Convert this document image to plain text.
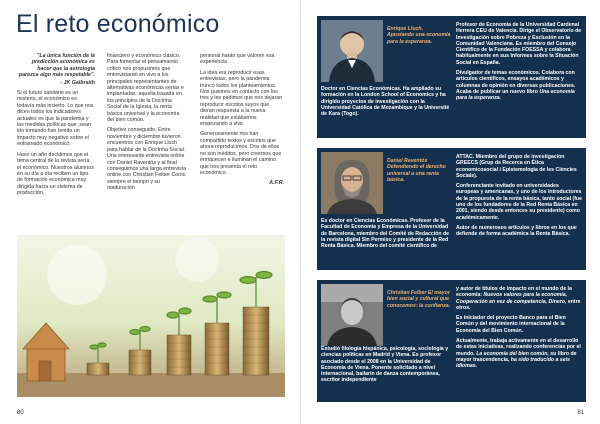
El reto económico

"La única función de la predicción económica es hacer que la astrología parezca algo más respetable".

- JK Galbraith

Si el futuro sanitario es un misterio, el económico es todavía más incierto. Lo que nos dicen todos los indicadores actuales es que la pandemia y las medidas políticas que ,sean ido tomando han tenido un impacto muy negativo sobre el entramado económico.

Hace un año decidimos que el tema central de la revista sería el económico. Nuestros alumnos en su día a día reciben un tipo de formación económica muy dirigida hacia un sistema de producción,

financiero y económico clásico. Para fomentar el pensamiento crítico nos propusimos que entrevistaran en vivo a los principales representantes de alternativas económicas serias e implantadas: aquella basada en los principios de la Doctrina Social de la Iglesia, la renta básica universal y la economía del bien común.

Objetivo conseguido. Entre noviembre y diciembre tuvieron encuentros con Enrique Lluch para hablar de la Doctrina Social. Una interesante entrevista online con Daniel Raventós y al final conseguimos una larga entrevista online con Christian Felber Como siempre el tiempo y su maduración

personal harán que valoren esa experiencia.

La idea era reproducir esas entrevistas, pero la pandemia truncó todos los planteamientos. Nos pusimos en contacto con los tres y les pedimos que nos dejaran reproducir escritos suyos que dieran respuesta a la nueva realidad que estábamos empezando a vivir.

Generosamente nos han compartido textos y escritos que ahora reproducimos. Dos de ellos no son inéditos, pero creemos que enriquecen e iluminan el camino que nos presenta el reto económico.

A.F.R.

80
Enrique Lluch. Apostando una economía para la esperanza.
Doctor en Ciencias Económicas. Ha ampliado su formación en la London School of Economics y ha dirigido proyectos de investigación con la Universidad Católica de Mozambique y la Université de Kara (Togo).

Profesor de Economía de la Universidad Cardenal Herrera CEU de Valencia. Dirige el Observatorio de Investigación sobre Pobreza y Exclusión en la Comunidad Valenciana. Es miembro del Consejo Científico de la Fundación FOESSA y colabora habitualmente en sus Informes sobre la Situación Social en España.

Divulgador de temas económicos. Colabora con artículos científicos, ensayos académicos y columnas de opinión en diversas publicaciones. Acaba de publicar un nuevo libro Una economía para la esperanza.

Daniel Raventós Defendiendo el derecho universal a una renta básica.
Es doctor en Ciencias Económicas. Profesor de la Facultad de Economía y Empresa de la Universidad de Barcelona, miembro del Comité de Redacción de la revista digital Sin Permiso y presidente de la Red Renta Básica. Miembro del comité científico de

ATTAC. Miembro del grupo de investigación GREECS (Grup de Recerca en Ètica economicosocial i Epistemologia de les Ciències Socials).

Conferenciante invitado en universidades europeas y americanas, y uno de los introductores de la propuesta de la renta básica, tanto social (fue uno de los fundadores de la Red Renta Básica en 2001, siendo desde entonces su presidente) como académicamente.

Autor de numerosos artículos y libros en los que defiende de forma académica la Renta Básica.

Christian Felber El mayor bien social y cultural que conocemos: la confianza.
Estudió filología hispánica, psicología, sociología y ciencias políticas en Madrid y Viena. Es profesor asociado desde el 2008 en la Universidad de Economía de Viena. Ponente solicitado a nivel internacional, bailarín de danza contemporánea, escritor independiente

y autor de títulos de impacto en el mundo de la economía: Nuevos valores para la economía, Cooperación en vez de competencia, Dinero, entre otros.

Es iniciador del proyecto Banco para el Bien Común y del movimiento internacional de la Economía del Bien Común.

Actualmente, trabaja activamente en el desarrollo de estas iniciativas, realizando conferencias por el mundo. La economía del bien común, su libro de mayor trascendencia, ha sido traducido a seis idiomas.

81
